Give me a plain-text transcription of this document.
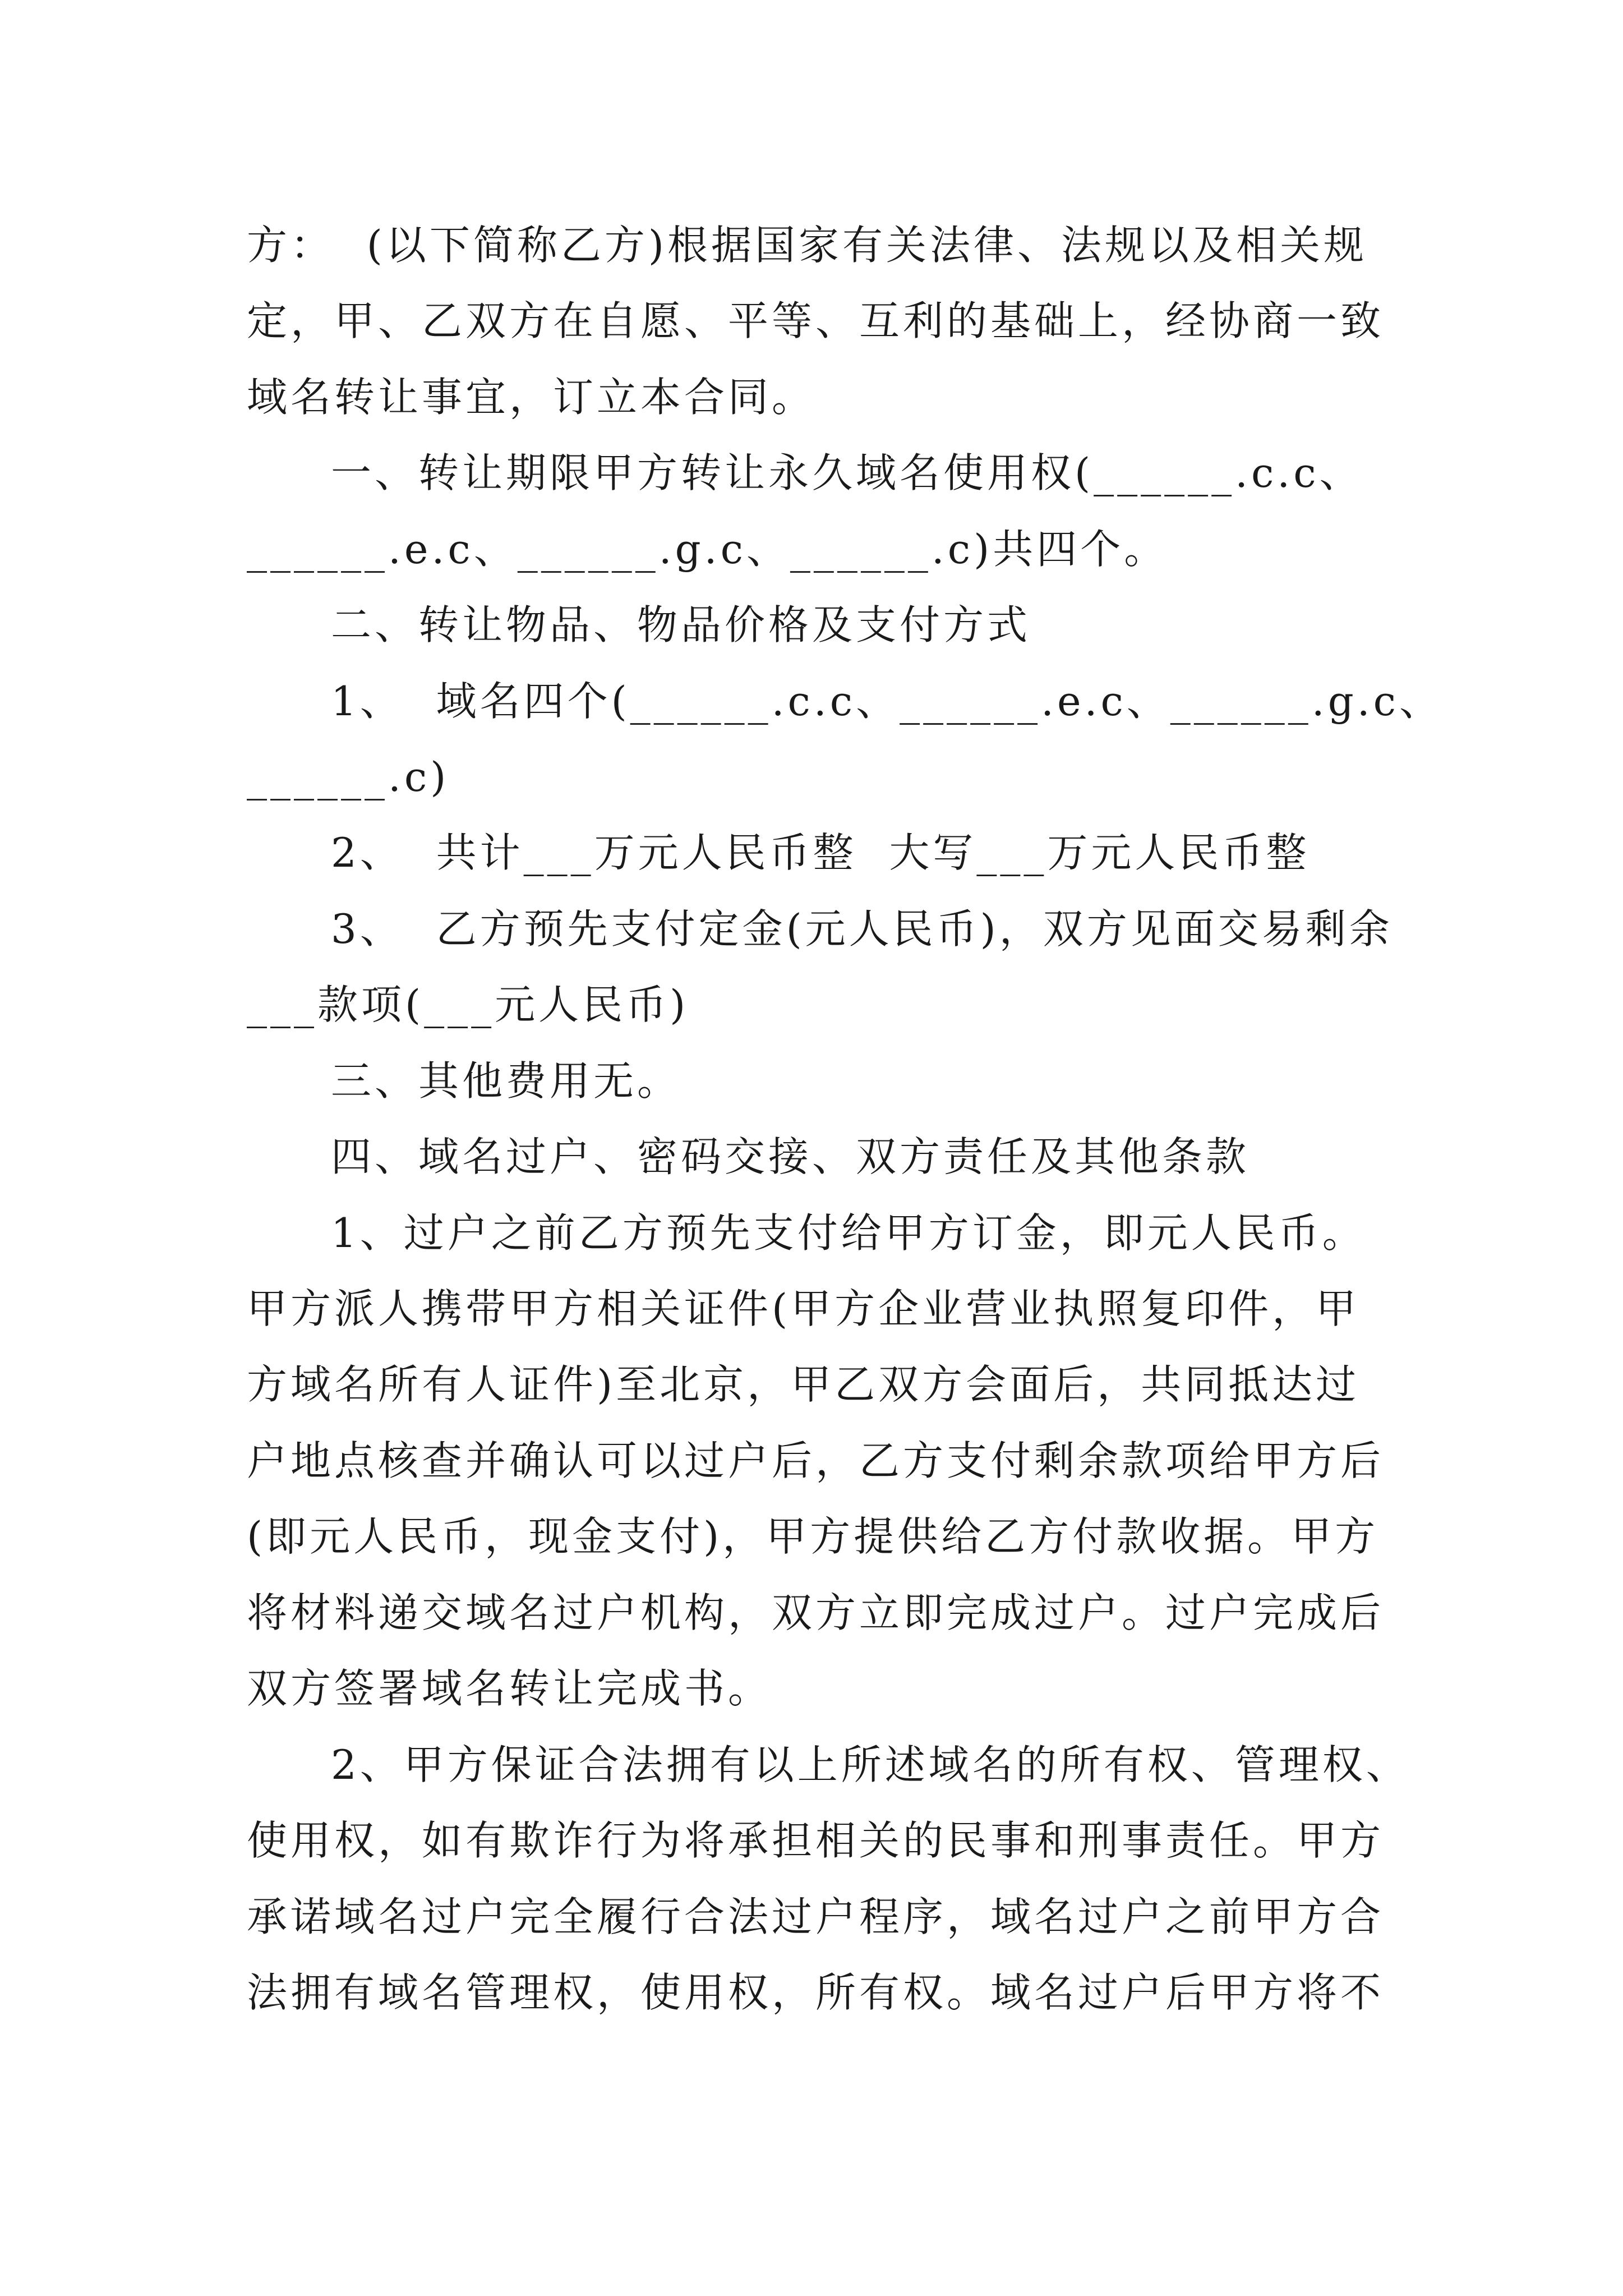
方：  (以下简称乙方)根据国家有关法律、法规以及相关规

定，甲、乙双方在自愿、平等、互利的基础上，经协商一致

域名转让事宜，订立本合同。

一、转让期限甲方转让永久域名使用权(______.c.c、

______.e.c、______.g.c、______.c)共四个。

二、转让物品、物品价格及支付方式

1、  域名四个(______.c.c、______.e.c、______.g.c、

______.c)

2、  共计___万元人民币整  大写___万元人民币整

3、  乙方预先支付定金(元人民币)，双方见面交易剩余

___款项(___元人民币)

三、其他费用无。

四、域名过户、密码交接、双方责任及其他条款

1、过户之前乙方预先支付给甲方订金，即元人民币。

甲方派人携带甲方相关证件(甲方企业营业执照复印件，甲

方域名所有人证件)至北京，甲乙双方会面后，共同抵达过

户地点核查并确认可以过户后，乙方支付剩余款项给甲方后

(即元人民币，现金支付)，甲方提供给乙方付款收据。甲方

将材料递交域名过户机构，双方立即完成过户。过户完成后

双方签署域名转让完成书。

2、甲方保证合法拥有以上所述域名的所有权、管理权、

使用权，如有欺诈行为将承担相关的民事和刑事责任。甲方

承诺域名过户完全履行合法过户程序，域名过户之前甲方合

法拥有域名管理权，使用权，所有权。域名过户后甲方将不
